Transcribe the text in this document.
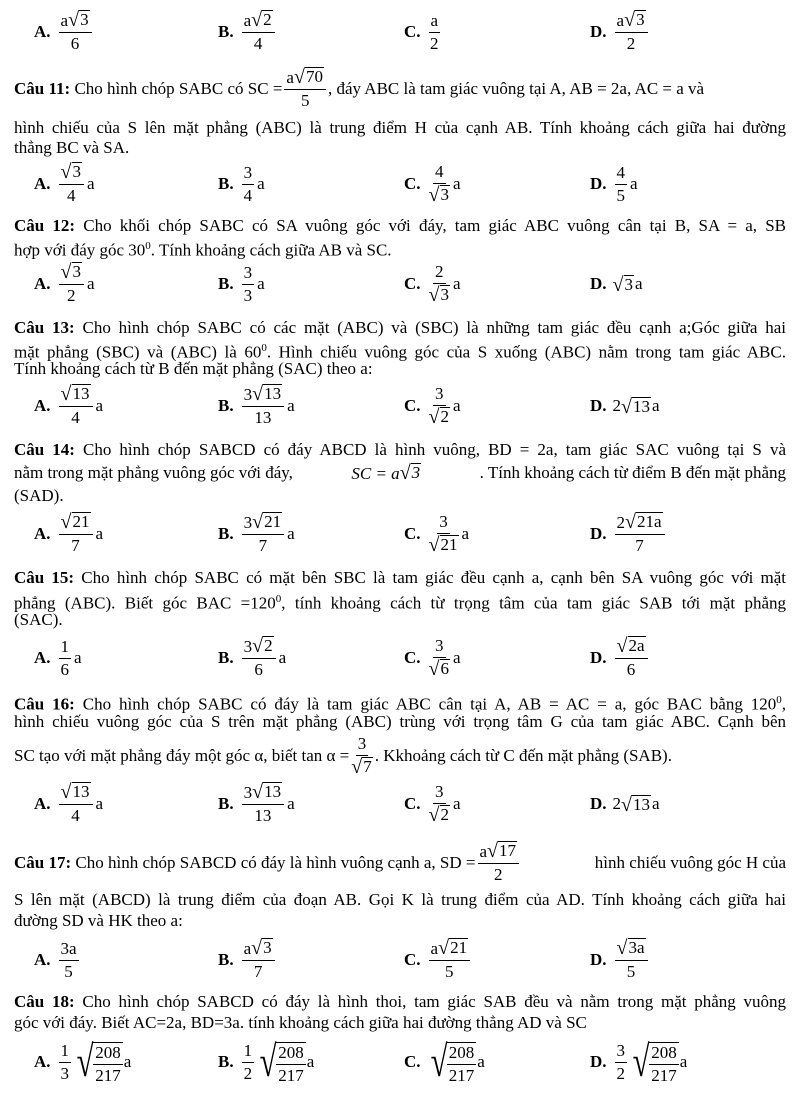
A. $\frac{a √ 3}{6}$	B. $\frac{a √ 2}{4}$	C. $\frac{a}{2}$	D. $\frac{a √ 3}{2}$
Câu 11:
Cho hình chóp SABC có SC = $\frac{a √ 70}{5}$ , đáy ABC là tam giác vuông tại A, AB = 2a, AC = a và
hình chiếu của S lên mặt phẳng (ABC) là trung điểm H của cạnh AB. Tính khoảng cách giữa hai đường
thẳng BC và SA.
A. $\frac{√ 3}{4}$ a	B. $\frac{3}{4}$ a	C. $\frac{4}{√ 3}$ a	D. $\frac{4}{5}$ a
Câu 12: Cho khối chóp SABC có SA vuông góc với đáy, tam giác ABC vuông cân tại B, SA = a, SB
hợp với đáy góc $30^0$. Tính khoảng cách giữa AB và SC.
A. $\frac{√ 3}{2}$ a	B. $\frac{3}{3}$ a	C. $\frac{2}{√ 3}$ a	D. √ 3 a
Câu 13: Cho hình chóp SABC có các mặt (ABC) và (SBC) là những tam giác đều cạnh a;Góc giữa hai
mặt phẳng (SBC) và (ABC) là $60^0$. Hình chiếu vuông góc của S xuống (ABC) nằm trong tam giác ABC.
Tính khoảng cách từ B đến mặt phẳng (SAC) theo a:
A. $\frac{√ 13}{4}$ a	B. $\frac{3 √ 13}{13}$ a	C. $\frac{3}{√ 2}$ a	D. 2 √ 13 a
Câu 14: Cho hình chóp SABCD có đáy ABCD là hình vuông, BD = 2a, tam giác SAC vuông tại S và
nằm trong mặt phẳng vuông góc với đáy,	SC = a √ 3	. Tính khoảng cách từ điểm B đến mặt phẳng
(SAD).
A. $\frac{√ 21}{7}$ a	B. $\frac{3 √ 21}{7}$ a	C. $\frac{3}{√ 21}$ a	D. $\frac{2 √ 21a}{7}$
Câu 15: Cho hình chóp SABC có mặt bên SBC là tam giác đều cạnh a, cạnh bên SA vuông góc với mặt
phẳng (ABC). Biết góc BAC $=120^0$, tính khoảng cách từ trọng tâm của tam giác SAB tới mặt phẳng
(SAC).
A. $\frac{1}{6}$ a	B. $\frac{3 √ 2}{6}$ a	C. $\frac{3}{√ 6}$ a	D. $\frac{√ 2a}{6}$
Câu 16: Cho hình chóp SABC có đáy là tam giác ABC cân tại A, AB = AC = a, góc BAC bằng $120^0$,
hình chiếu vuông góc của S trên mặt phẳng (ABC) trùng với trọng tâm G của tam giác ABC. Cạnh bên
SC tạo với mặt phẳng đáy một góc α, biết $\tan \alpha = \frac{3}{√ 7}$ . Kkhoảng cách từ C đến mặt phẳng (SAB).
A. $\frac{√ 13}{4}$ a	B. $\frac{3 √ 13}{13}$ a	C. $\frac{3}{√ 2}$ a	D. 2 √ 13 a
Câu 17:
Cho hình chóp SABCD có đáy là hình vuông cạnh a, SD = $\frac{a √ 17}{2}$	hình chiếu vuông góc H của
S lên mặt (ABCD) là trung điểm của đoạn AB. Gọi K là trung điểm của AD. Tính khoảng cách giữa hai
đường SD và HK theo a:
A. $\frac{3a}{5}$	B. $\frac{a √ 3}{7}$	C. $\frac{a √ 21}{5}$	D. $\frac{√ 3a}{5}$
Câu 18: Cho hình chóp SABCD có đáy là hình thoi, tam giác SAB đều và nằm trong mặt phẳng vuông
góc với đáy. Biết AC=2a, BD=3a. tính khoảng cách giữa hai đường thẳng AD và SC
A. $\frac{1}{3}$ √ $\frac{208}{217}$ a	B. $\frac{1}{2}$ √ $\frac{208}{217}$ a	C. √ $\frac{208}{217}$ a	D. $\frac{3}{2}$ √ $\frac{208}{217}$ a
